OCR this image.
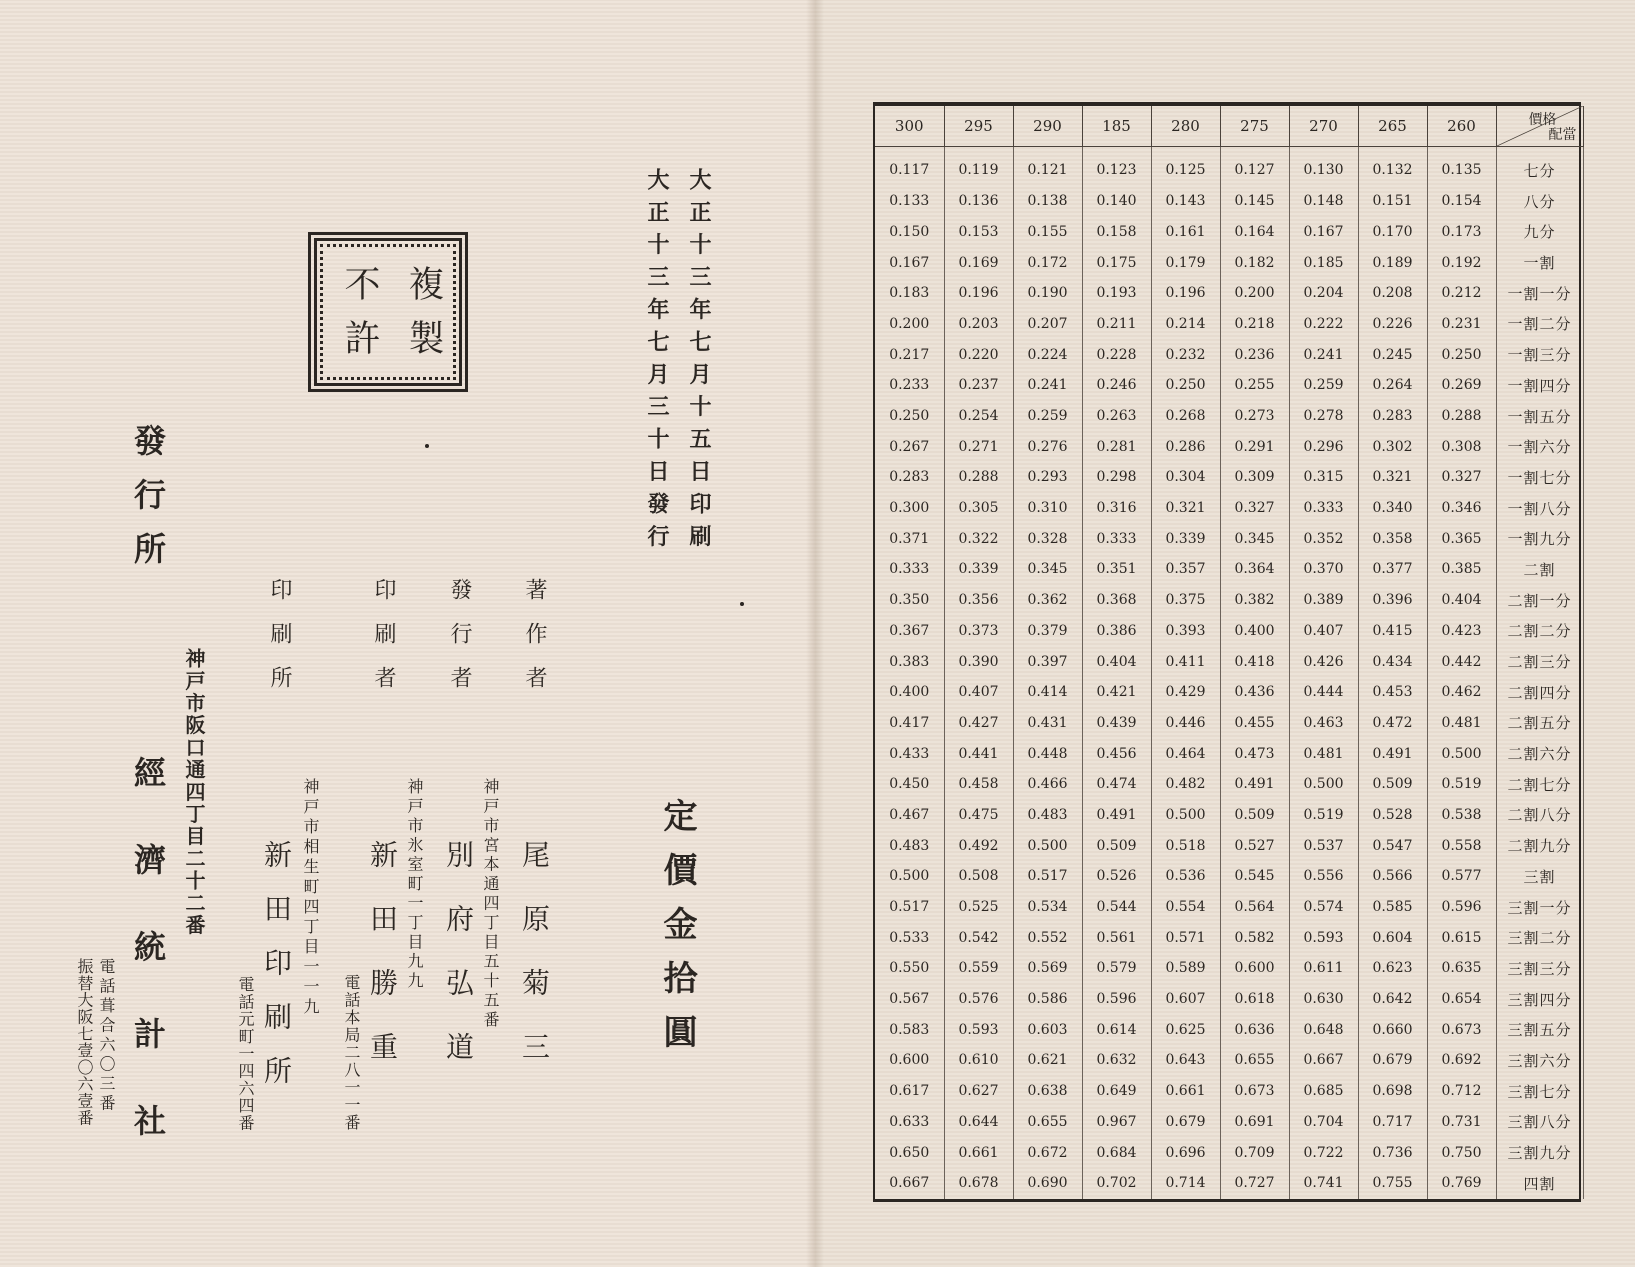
複製
不許	大正十三年七月十五日印刷
大正十三年七月三十日發行
定價金拾圓
著作者
發行者
印刷者
印刷所
神戸市宮本通四丁目五十五番
神戸市氷室町一丁目九九
電話本局二八一一番
神戸市相生町四丁目一一九
電話元町一四六四番	尾原菊三
別府弘道
新田勝重
新田印刷所
發行所
神戸市阪口通四丁目二十二番
經濟統計社
電話葺合六〇三番
振替大阪七壹〇六壹番
300	295	290	185	280	275	270	265	260	價格
配當

0.117	0.119	0.121	0.123	0.125	0.127	0.130	0.132	0.135	七分
0.133	0.136	0.138	0.140	0.143	0.145	0.148	0.151	0.154	八分
0.150	0.153	0.155	0.158	0.161	0.164	0.167	0.170	0.173	九分
0.167	0.169	0.172	0.175	0.179	0.182	0.185	0.189	0.192	一割
0.183	0.196	0.190	0.193	0.196	0.200	0.204	0.208	0.212	一割一分
0.200	0.203	0.207	0.211	0.214	0.218	0.222	0.226	0.231	一割二分
0.217	0.220	0.224	0.228	0.232	0.236	0.241	0.245	0.250	一割三分
0.233	0.237	0.241	0.246	0.250	0.255	0.259	0.264	0.269	一割四分
0.250	0.254	0.259	0.263	0.268	0.273	0.278	0.283	0.288	一割五分
0.267	0.271	0.276	0.281	0.286	0.291	0.296	0.302	0.308	一割六分
0.283	0.288	0.293	0.298	0.304	0.309	0.315	0.321	0.327	一割七分
0.300	0.305	0.310	0.316	0.321	0.327	0.333	0.340	0.346	一割八分
0.371	0.322	0.328	0.333	0.339	0.345	0.352	0.358	0.365	一割九分
0.333	0.339	0.345	0.351	0.357	0.364	0.370	0.377	0.385	二割
0.350	0.356	0.362	0.368	0.375	0.382	0.389	0.396	0.404	二割一分
0.367	0.373	0.379	0.386	0.393	0.400	0.407	0.415	0.423	二割二分
0.383	0.390	0.397	0.404	0.411	0.418	0.426	0.434	0.442	二割三分
0.400	0.407	0.414	0.421	0.429	0.436	0.444	0.453	0.462	二割四分
0.417	0.427	0.431	0.439	0.446	0.455	0.463	0.472	0.481	二割五分
0.433	0.441	0.448	0.456	0.464	0.473	0.481	0.491	0.500	二割六分
0.450	0.458	0.466	0.474	0.482	0.491	0.500	0.509	0.519	二割七分
0.467	0.475	0.483	0.491	0.500	0.509	0.519	0.528	0.538	二割八分
0.483	0.492	0.500	0.509	0.518	0.527	0.537	0.547	0.558	二割九分
0.500	0.508	0.517	0.526	0.536	0.545	0.556	0.566	0.577	三割
0.517	0.525	0.534	0.544	0.554	0.564	0.574	0.585	0.596	三割一分
0.533	0.542	0.552	0.561	0.571	0.582	0.593	0.604	0.615	三割二分
0.550	0.559	0.569	0.579	0.589	0.600	0.611	0.623	0.635	三割三分
0.567	0.576	0.586	0.596	0.607	0.618	0.630	0.642	0.654	三割四分
0.583	0.593	0.603	0.614	0.625	0.636	0.648	0.660	0.673	三割五分
0.600	0.610	0.621	0.632	0.643	0.655	0.667	0.679	0.692	三割六分
0.617	0.627	0.638	0.649	0.661	0.673	0.685	0.698	0.712	三割七分
0.633	0.644	0.655	0.967	0.679	0.691	0.704	0.717	0.731	三割八分
0.650	0.661	0.672	0.684	0.696	0.709	0.722	0.736	0.750	三割九分
0.667	0.678	0.690	0.702	0.714	0.727	0.741	0.755	0.769	四割
